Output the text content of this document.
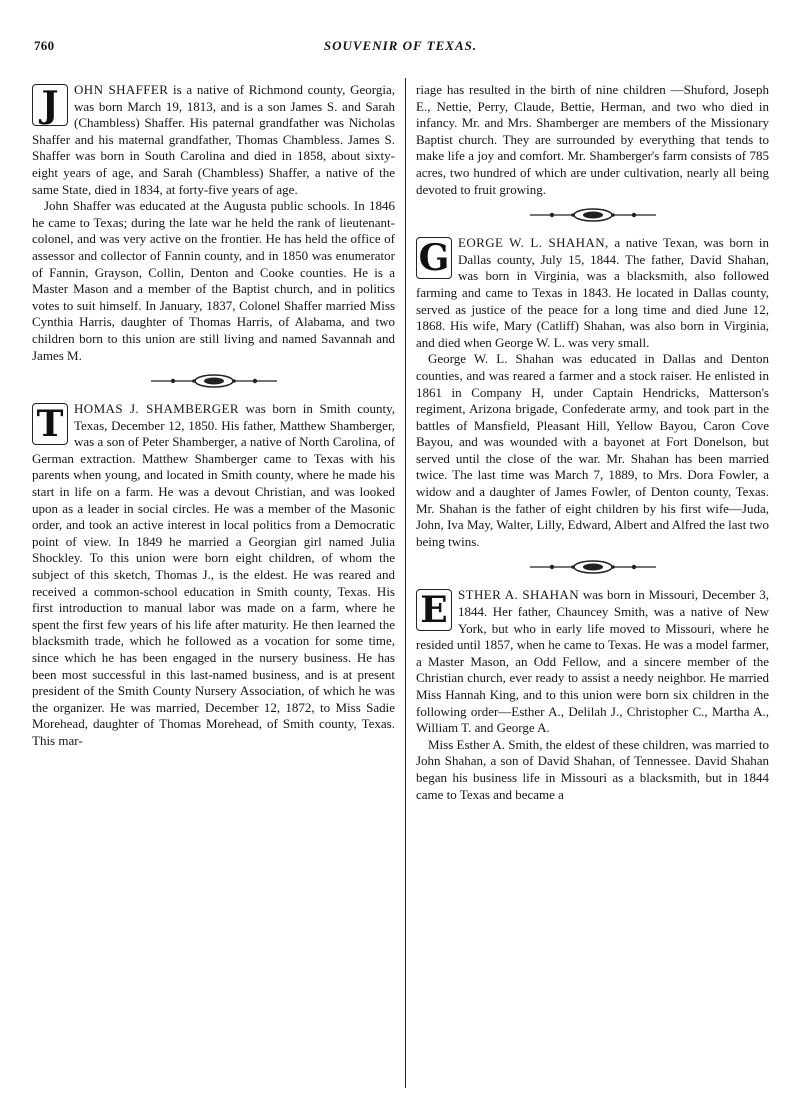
760	SOUVENIR OF TEXAS.

J	OHN SHAFFER is a native of Richmond county, Georgia, was born March 19, 1813, and is a son James S. and Sarah (Chambless) Shaffer. His paternal grandfather was Nicholas Shaffer and his maternal grandfather, Thomas Chambless. James S. Shaffer was born in South Carolina and died in 1858, about sixty-eight years of age, and Sarah (Chambless) Shaffer, a native of the same State, died in 1834, at forty-five years of age.

John Shaffer was educated at the Augusta public schools. In 1846 he came to Texas; during the late war he held the rank of lieutenant-colonel, and was very active on the frontier. He has held the office of assessor and collector of Fannin county, and in 1850 was enumerator of Fannin, Grayson, Collin, Denton and Cooke counties. He is a Master Mason and a member of the Baptist church, and in politics votes to suit himself. In January, 1837, Colonel Shaffer married Miss Cynthia Harris, daughter of Thomas Harris, of Alabama, and two children born to this union are still living and named Savannah and James M.

T HOMAS J. SHAMBERGER was born in Smith county, Texas, December 12, 1850. His father, Matthew Shamberger, was a son of Peter Shamberger, a native of North Carolina, of German extraction. Matthew Shamberger came to Texas with his parents when young, and located in Smith county, where he made his start in life on a farm. He was a devout Christian, and was looked upon as a leader in social circles. He was a member of the Masonic order, and took an active interest in local politics from a Democratic point of view. In 1849 he married a Georgian girl named Julia Shockley. To this union were born eight children, of whom the subject of this sketch, Thomas J., is the eldest. He was reared and received a common-school education in Smith county, Texas. His first introduction to manual labor was made on a farm, where he spent the first few years of his life after maturity. He then learned the blacksmith trade, which he followed as a vocation for some time, since which he has been engaged in the nursery business. He has been most successful in this last-named business, and is at present president of the Smith County Nursery Association, of which he was the organizer. He was married, December 12, 1872, to Miss Sadie Morehead, daughter of Thomas Morehead, of Smith county, Texas. This mar-

riage has resulted in the birth of nine children —Shuford, Joseph E., Nettie, Perry, Claude, Bettie, Herman, and two who died in infancy. Mr. and Mrs. Shamberger are members of the Missionary Baptist church. They are surrounded by everything that tends to make life a joy and comfort. Mr. Shamberger's farm consists of 785 acres, two hundred of which are under cultivation, nearly all being devoted to fruit growing.

G EORGE W. L. SHAHAN, a native Texan, was born in Dallas county, July 15, 1844. The father, David Shahan, was born in Virginia, was a blacksmith, also followed farming and came to Texas in 1843. He located in Dallas county, served as justice of the peace for a long time and died June 12, 1868. His wife, Mary (Catliff) Shahan, was also born in Virginia, and died when George W. L. was very small.

George W. L. Shahan was educated in Dallas and Denton counties, and was reared a farmer and a stock raiser. He enlisted in 1861 in Company H, under Captain Hendricks, Matterson's regiment, Arizona brigade, Confederate army, and took part in the battles of Mansfield, Pleasant Hill, Yellow Bayou, Caron Cove Bayou, and was wounded with a bayonet at Fort Donelson, but served until the close of the war. Mr. Shahan has been married twice. The last time was March 7, 1889, to Mrs. Dora Fowler, a widow and a daughter of James Fowler, of Denton county, Texas. Mr. Shahan is the father of eight children by his first wife—Juda, John, Iva May, Walter, Lilly, Edward, Albert and Alfred the last two being twins.

E STHER A. SHAHAN was born in Missouri, December 3, 1844. Her father, Chauncey Smith, was a native of New York, but who in early life moved to Missouri, where he resided until 1857, when he came to Texas. He was a model farmer, a Master Mason, an Odd Fellow, and a sincere member of the Christian church, ever ready to assist a needy neighbor. He married Miss Hannah King, and to this union were born six children in the following order—Esther A., Delilah J., Christopher C., Martha A., William T. and George A.

Miss Esther A. Smith, the eldest of these children, was married to John Shahan, a son of David Shahan, of Tennessee. David Shahan began his business life in Missouri as a blacksmith, but in 1844 came to Texas and became a
